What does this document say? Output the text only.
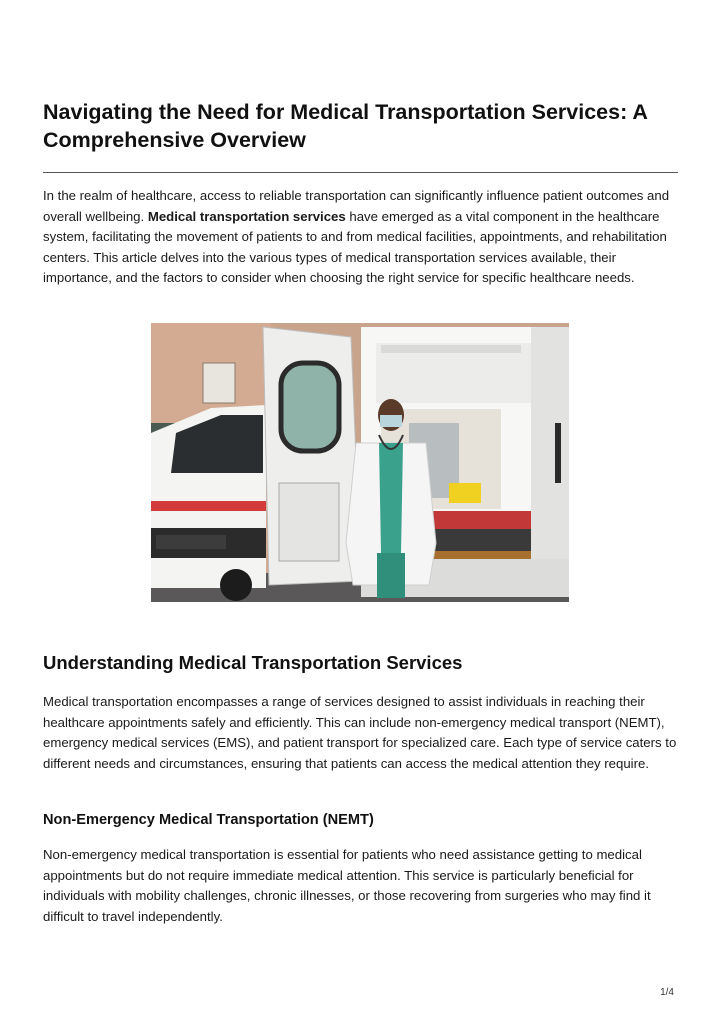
Navigating the Need for Medical Transportation Services: A Comprehensive Overview

In the realm of healthcare, access to reliable transportation can significantly influence patient outcomes and overall wellbeing. Medical transportation services have emerged as a vital component in the healthcare system, facilitating the movement of patients to and from medical facilities, appointments, and rehabilitation centers. This article delves into the various types of medical transportation services available, their importance, and the factors to consider when choosing the right service for specific healthcare needs.

Understanding Medical Transportation Services

Medical transportation encompasses a range of services designed to assist individuals in reaching their healthcare appointments safely and efficiently. This can include non-emergency medical transport (NEMT), emergency medical services (EMS), and patient transport for specialized care. Each type of service caters to different needs and circumstances, ensuring that patients can access the medical attention they require.

Non-Emergency Medical Transportation (NEMT)

Non-emergency medical transportation is essential for patients who need assistance getting to medical appointments but do not require immediate medical attention. This service is particularly beneficial for individuals with mobility challenges, chronic illnesses, or those recovering from surgeries who may find it difficult to travel independently.

1/4
